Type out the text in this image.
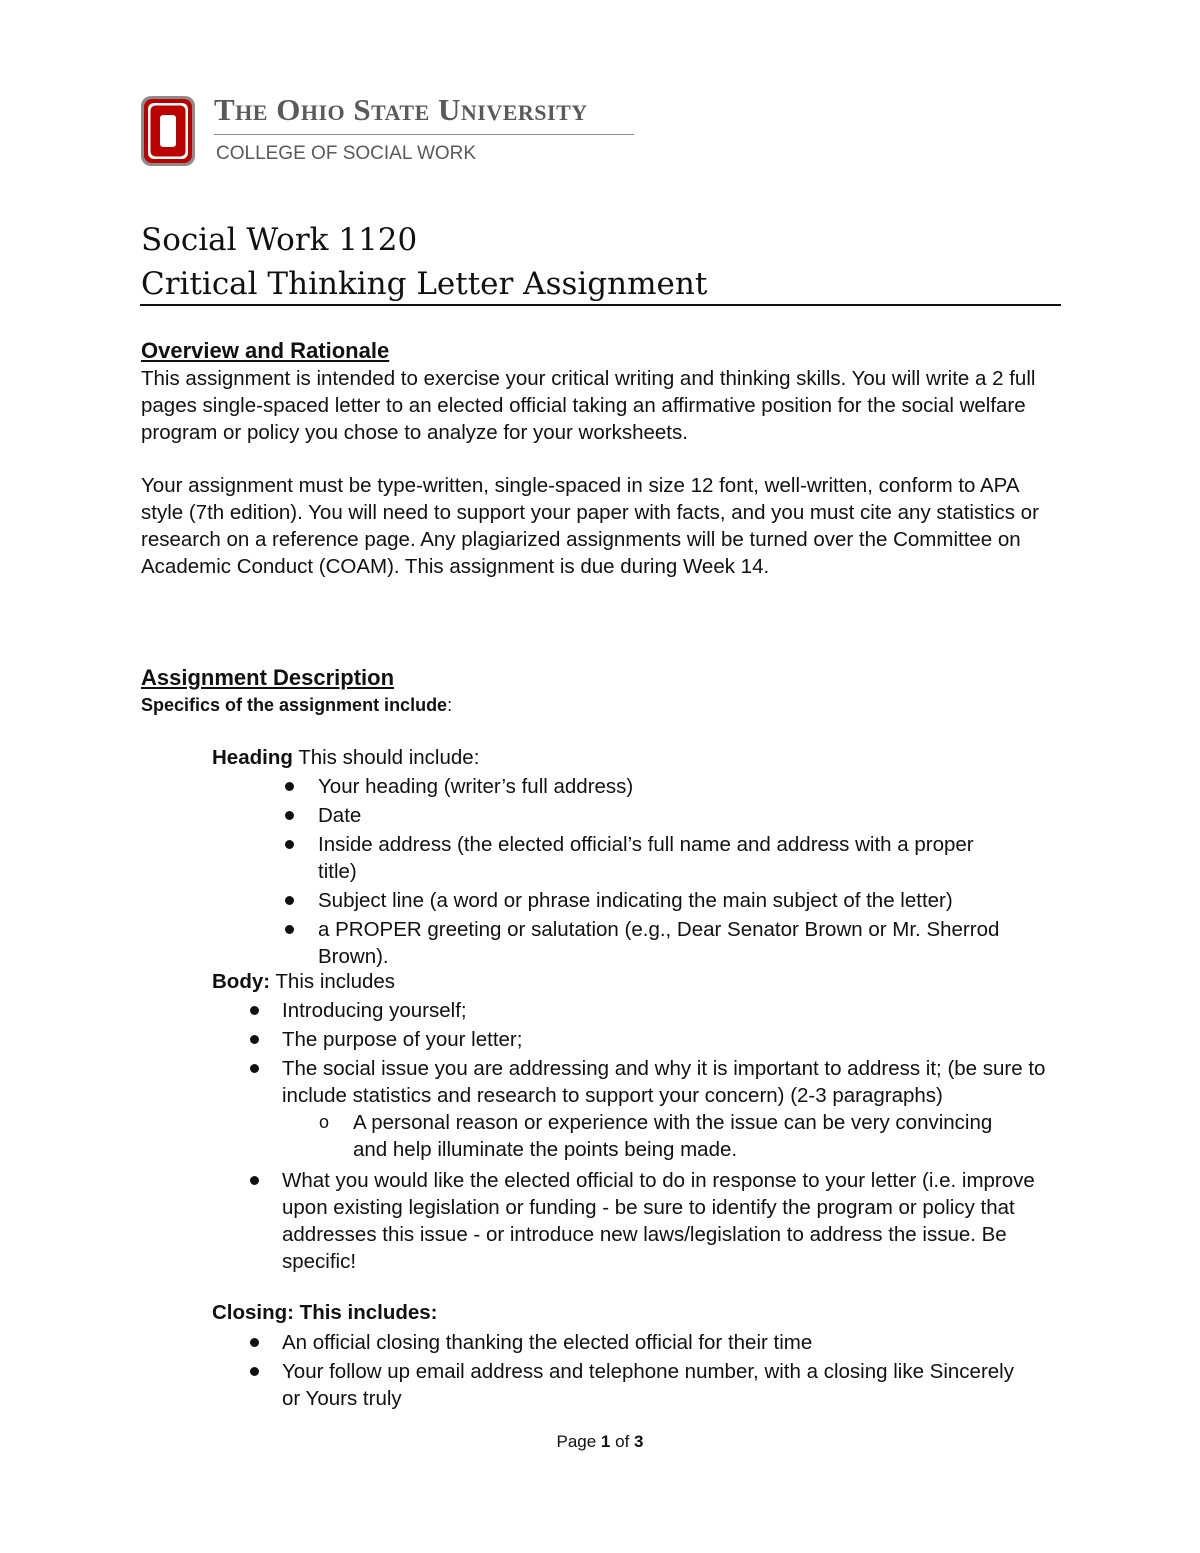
The Ohio State University
COLLEGE OF SOCIAL WORK
Social Work 1120
Critical Thinking Letter Assignment
Overview and Rationale

This assignment is intended to exercise your critical writing and thinking skills. You will write a 2 full pages single-spaced letter to an elected official taking an affirmative position for the social welfare program or policy you chose to analyze for your worksheets.

Your assignment must be type-written, single-spaced in size 12 font, well-written, conform to APA style (7th edition). You will need to support your paper with facts, and you must cite any statistics or research on a reference page. Any plagiarized assignments will be turned over the Committee on Academic Conduct (COAM). This assignment is due during Week 14.

Assignment Description
Specifics of the assignment include:
Heading This should include:
Your heading (writer’s full address)
Date
Inside address (the elected official’s full name and address with a proper title)
Subject line (a word or phrase indicating the main subject of the letter)
a PROPER greeting or salutation (e.g., Dear Senator Brown or Mr. Sherrod Brown).
Body: This includes
Introducing yourself;
The purpose of your letter;
The social issue you are addressing and why it is important to address it; (be sure to include statistics and research to support your concern) (2-3 paragraphs)
o A personal reason or experience with the issue can be very convincing and help illuminate the points being made.
What you would like the elected official to do in response to your letter (i.e. improve upon existing legislation or funding - be sure to identify the program or policy that addresses this issue - or introduce new laws/legislation to address the issue. Be specific!
Closing: This includes:
An official closing thanking the elected official for their time
Your follow up email address and telephone number, with a closing like Sincerely or Yours truly
Page 1 of 3
